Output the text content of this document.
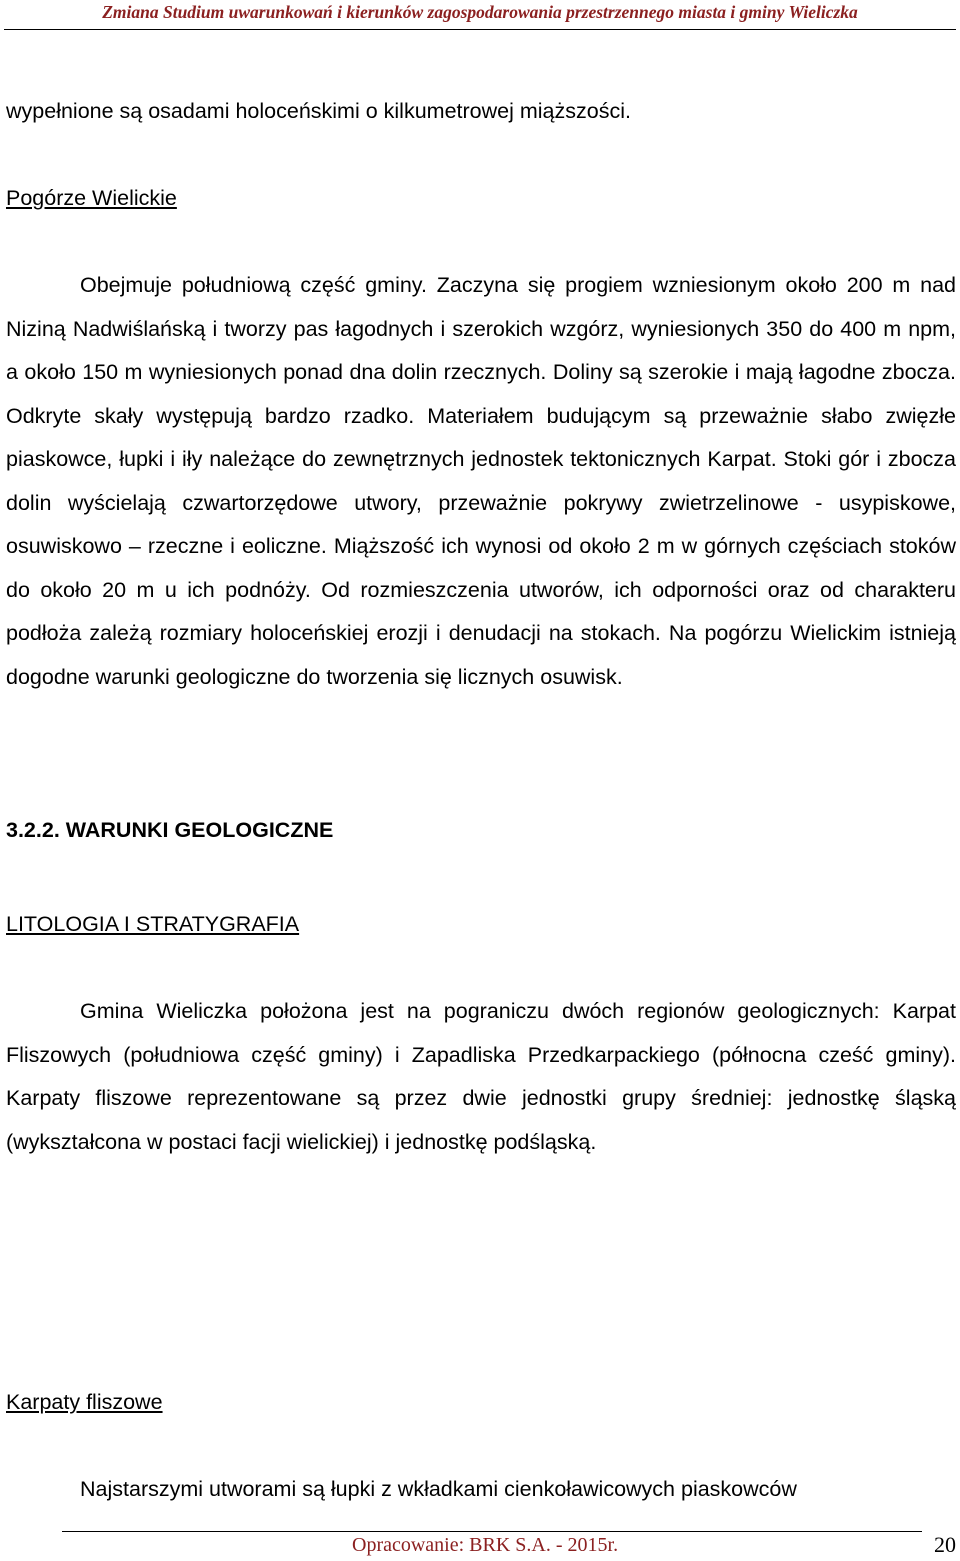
Zmiana Studium uwarunkowań i kierunków zagospodarowania przestrzennego miasta i gminy Wieliczka

wypełnione są osadami holoceńskimi o kilkumetrowej miąższości.

Pogórze Wielickie

Obejmuje południową część gminy. Zaczyna się progiem wzniesionym około 200 m nad Niziną Nadwiślańską i tworzy pas łagodnych i szerokich wzgórz, wyniesionych 350 do 400 m npm, a około 150 m wyniesionych ponad dna dolin rzecznych. Doliny są szerokie i mają łagodne zbocza. Odkryte skały występują bardzo rzadko. Materiałem budującym są przeważnie słabo zwięzłe piaskowce, łupki i iły należące do zewnętrznych jednostek tektonicznych Karpat. Stoki gór i zbocza dolin wyścielają czwartorzędowe utwory, przeważnie pokrywy zwietrzelinowe - usypiskowe, osuwiskowo – rzeczne i eoliczne. Miąższość ich wynosi od około 2 m w górnych częściach stoków do około 20 m u ich podnóży. Od rozmieszczenia utworów, ich odporności oraz od charakteru podłoża zależą rozmiary holoceńskiej erozji i denudacji na stokach. Na pogórzu Wielickim istnieją dogodne warunki geologiczne do tworzenia się licznych osuwisk.

3.2.2. WARUNKI GEOLOGICZNE

LITOLOGIA I STRATYGRAFIA

Gmina Wieliczka położona jest na pograniczu dwóch regionów geologicznych: Karpat Fliszowych (południowa część gminy) i Zapadliska Przedkarpackiego (północna cześć gminy). Karpaty fliszowe reprezentowane są przez dwie jednostki grupy średniej: jednostkę śląską (wykształcona w postaci facji wielickiej) i jednostkę podśląską.

Karpaty fliszowe

Najstarszymi utworami są łupki z wkładkami cienkoławicowych piaskowców

Opracowanie: BRK S.A. - 2015r.	20
